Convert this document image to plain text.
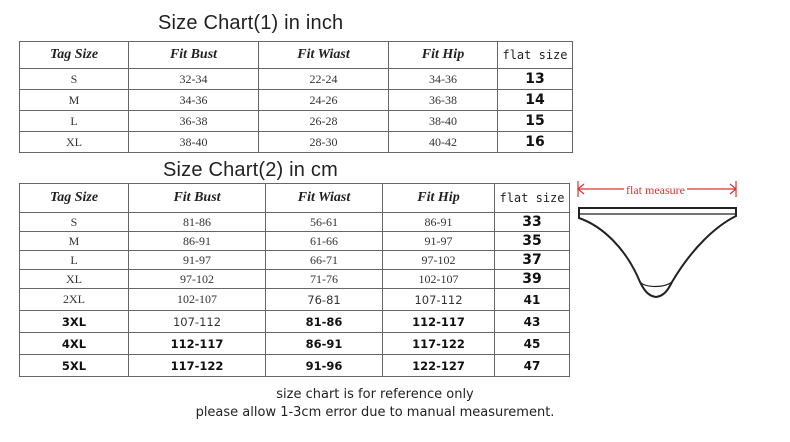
Size Chart(1) in inch
Tag Size	Fit Bust	Fit Wiast	Fit Hip	flat size
S	32-34	22-24	34-36	13
M	34-36	24-26	36-38	14
L	36-38	26-28	38-40	15
XL	38-40	28-30	40-42	16
Size Chart(2) in cm
Tag Size	Fit Bust	Fit Wiast	Fit Hip	flat size
S	81-86	56-61	86-91	33
M	86-91	61-66	91-97	35
L	91-97	66-71	97-102	37
XL	97-102	71-76	102-107	39
2XL	102-107	76-81	107-112	41
3XL	107-112	81-86	112-117	43
4XL	112-117	86-91	117-122	45
5XL	117-122	91-96	122-127	47
flat measure
size chart is for reference only
please allow 1-3cm error due to manual measurement.
